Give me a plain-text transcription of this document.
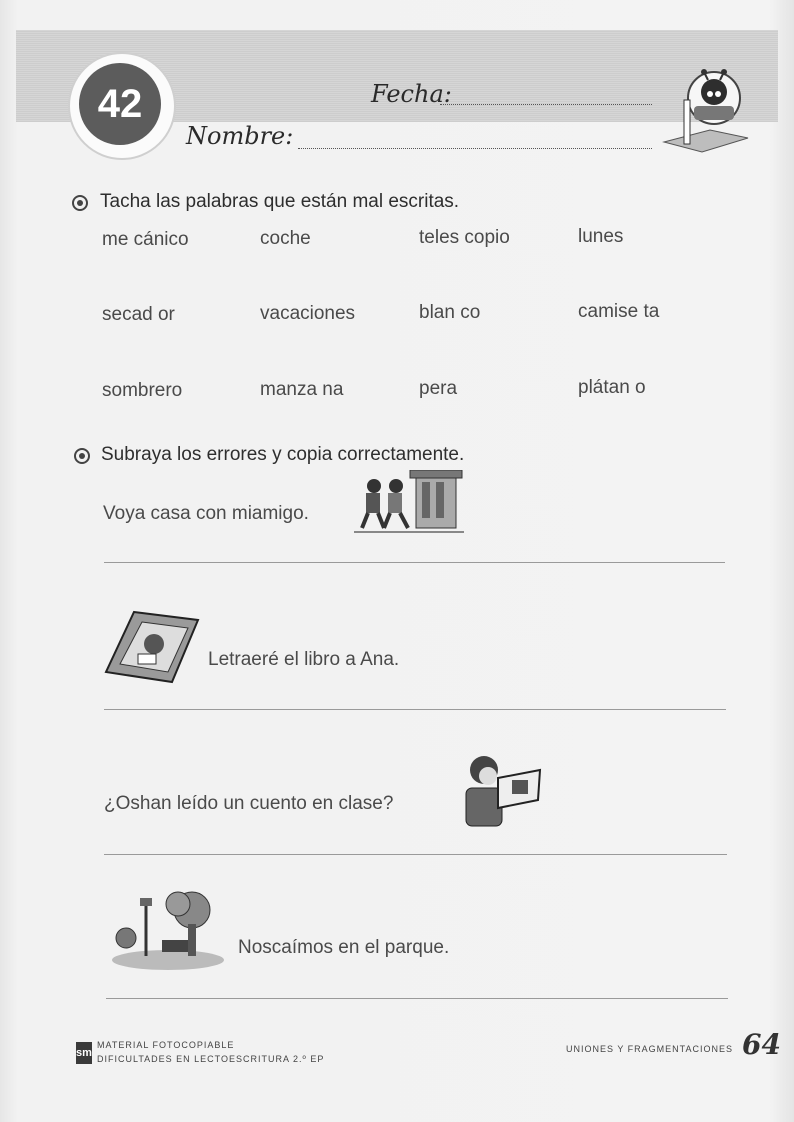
42	Fecha:
Nombre:
Tacha las palabras que están mal escritas.
me cánico	coche	teles copio	lunes
secad or	vacaciones	blan co	camise ta
sombrero	manza na	pera	plátan o
Subraya los errores y copia correctamente.
Voya casa con miamigo.
Letraeré el libro a Ana.
¿Oshan leído un cuento en clase?
Noscaímos en el parque.
sm
MATERIAL FOTOCOPIABLE
DIFICULTADES EN LECTOESCRITURA 2.º EP
UNIONES Y FRAGMENTACIONES 64
